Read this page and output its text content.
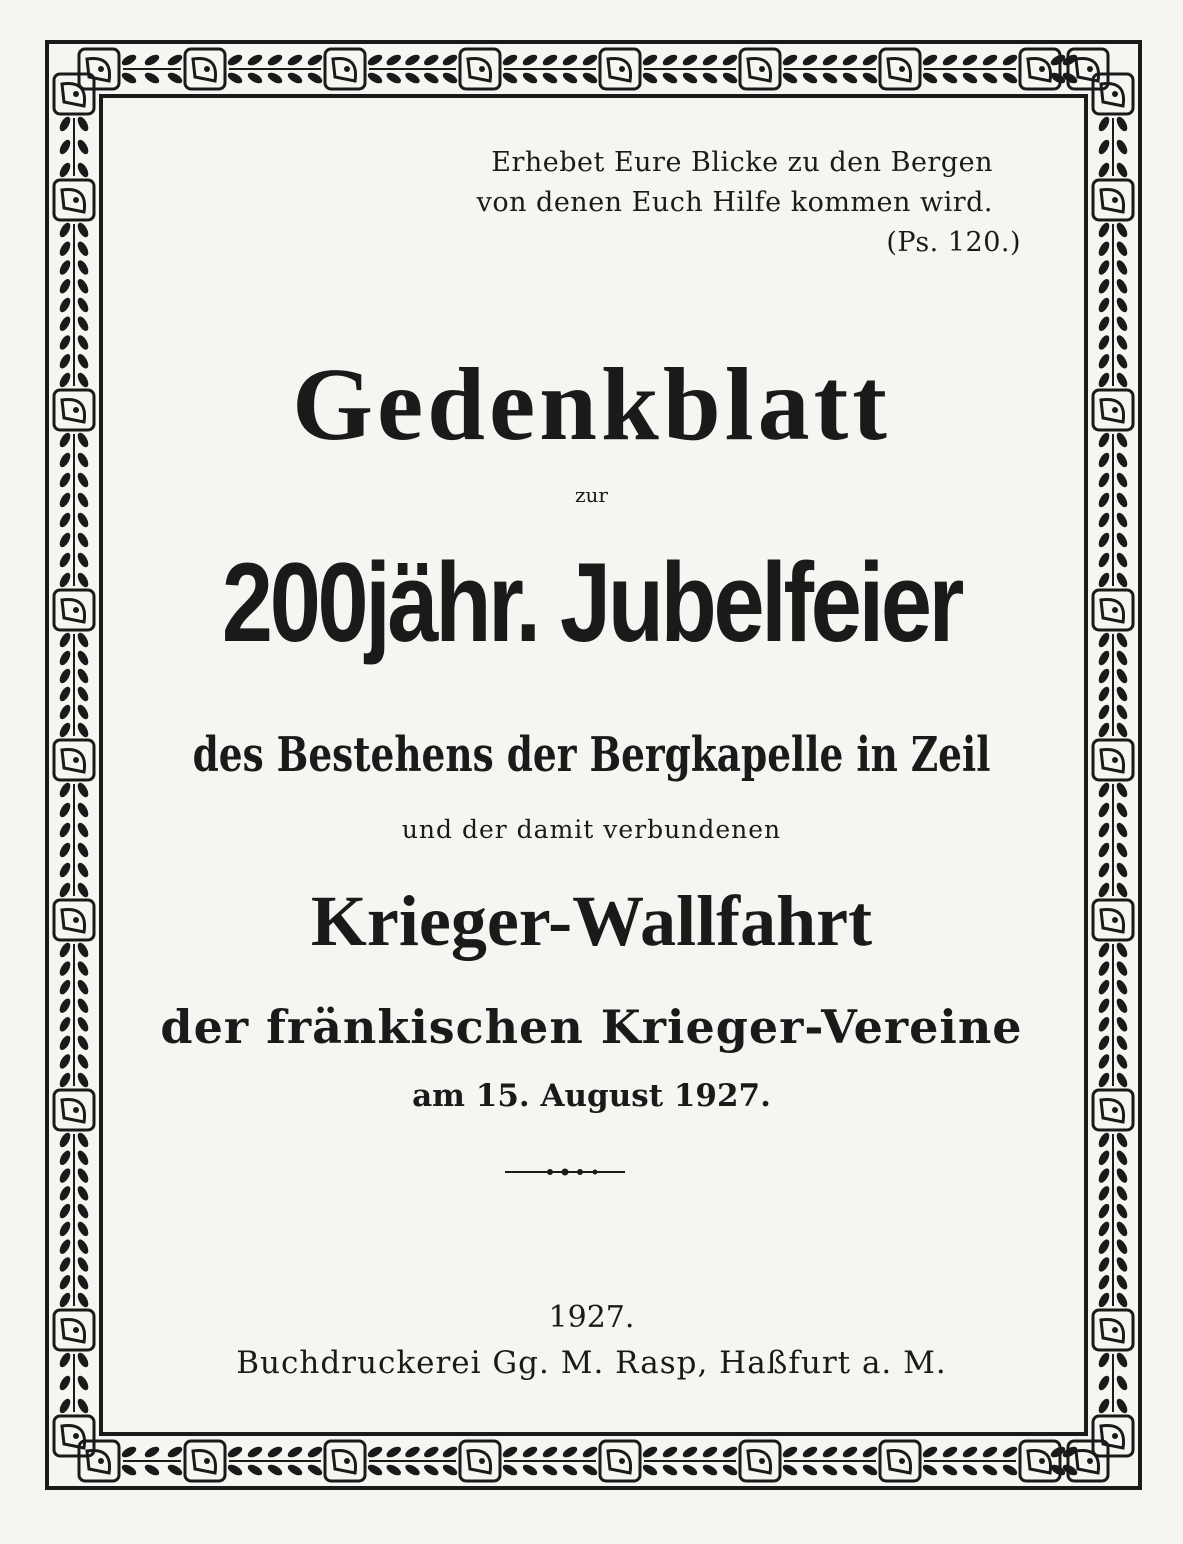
Erhebet Eure Blicke zu den Bergen
von denen Euch Hilfe kommen wird.
(Ps. 120.)
Gedenkblatt
zur
200jähr. Jubelfeier
des Bestehens der Bergkapelle in Zeil
und der damit verbundenen
Krieger-Wallfahrt
der fränkischen Krieger-Vereine
am 15. August 1927.
1927.
Buchdruckerei Gg. M. Rasp, Haßfurt a. M.
